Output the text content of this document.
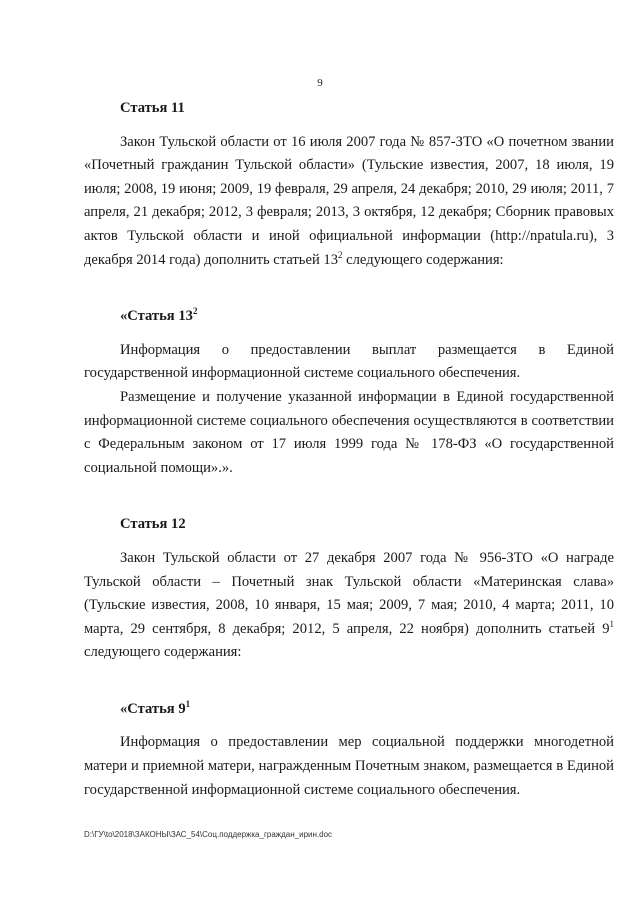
9

Статья 11

Закон Тульской области от 16 июля 2007 года № 857-ЗТО «О почетном звании «Почетный гражданин Тульской области» (Тульские известия, 2007, 18 июля, 19 июля; 2008, 19 июня; 2009, 19 февраля, 29 апреля, 24 декабря; 2010, 29 июля; 2011, 7 апреля, 21 декабря; 2012, 3 февраля; 2013, 3 октября, 12 декабря; Сборник правовых актов Тульской области и иной официальной информации (http://npatula.ru), 3 декабря 2014 года) дополнить статьей $13^2$ следующего содержания:

«Статья $13^2$

Информация о предоставлении выплат размещается в Единой государственной информационной системе социального обеспечения.

Размещение и получение указанной информации в Единой государственной информационной системе социального обеспечения осуществляются в соответствии с Федеральным законом от 17 июля 1999 года № 178-ФЗ «О государственной социальной помощи».».

Статья 12

Закон Тульской области от 27 декабря 2007 года № 956-ЗТО «О награде Тульской области – Почетный знак Тульской области «Материнская слава» (Тульские известия, 2008, 10 января, 15 мая; 2009, 7 мая; 2010, 4 марта; 2011, 10 марта, 29 сентября, 8 декабря; 2012, 5 апреля, 22 ноября) дополнить статьей $9^1$ следующего содержания:

«Статья $9^1$

Информация о предоставлении мер социальной поддержки многодетной матери и приемной матери, награжденным Почетным знаком, размещается в Единой государственной информационной системе социального обеспечения.

D:\ГУ\to\2018\ЗАКОНЫ\ЗАС_54\Соц.поддержка_граждан_ирин.doc
